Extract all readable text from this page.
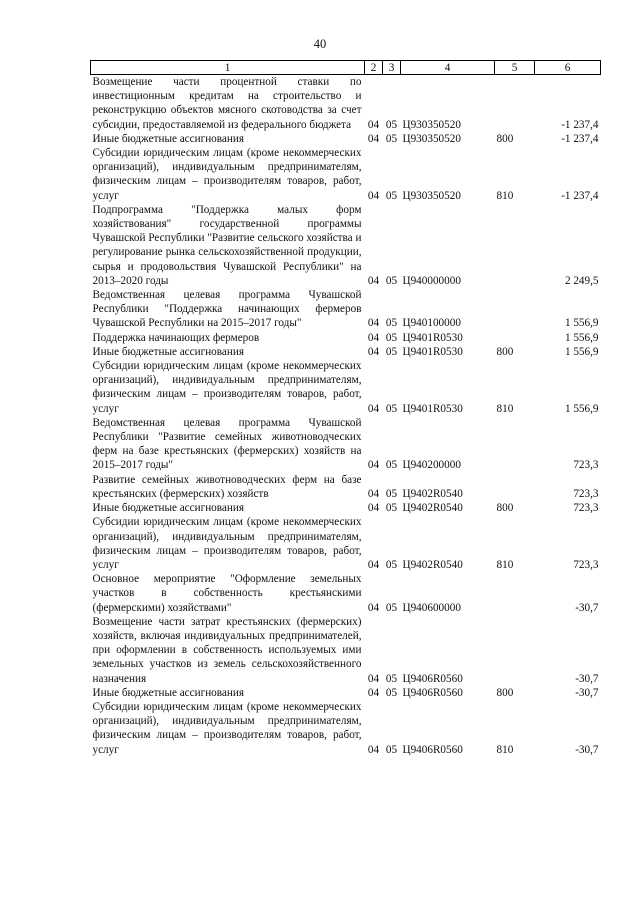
40
1	2	3	4	5	6
Возмещение части процентной ставки по инвестиционным кредитам на строительство и реконструкцию объектов мясного скотоводства за счет субсидии, предоставляемой из федерального бюджета	04	05	Ц930350520		-1 237,4
Иные бюджетные ассигнования	04	05	Ц930350520	800	-1 237,4
Субсидии юридическим лицам (кроме некоммерческих организаций), индивидуальным предпринимателям, физическим лицам – производителям товаров, работ, услуг	04	05	Ц930350520	810	-1 237,4
Подпрограмма "Поддержка малых форм хозяйствования" государственной программы Чувашской Республики "Развитие сельского хозяйства и регулирование рынка сельскохозяйственной продукции, сырья и продовольствия Чувашской Республики" на 2013–2020 годы	04	05	Ц940000000		2 249,5
Ведомственная целевая программа Чувашской Республики "Поддержка начинающих фермеров Чувашской Республики на 2015–2017 годы"	04	05	Ц940100000		1 556,9
Поддержка начинающих фермеров	04	05	Ц9401R0530		1 556,9
Иные бюджетные ассигнования	04	05	Ц9401R0530	800	1 556,9
Субсидии юридическим лицам (кроме некоммерческих организаций), индивидуальным предпринимателям, физическим лицам – производителям товаров, работ, услуг	04	05	Ц9401R0530	810	1 556,9
Ведомственная целевая программа Чувашской Республики "Развитие семейных животноводческих ферм на базе крестьянских (фермерских) хозяйств на 2015–2017 годы"	04	05	Ц940200000		723,3
Развитие семейных животноводческих ферм на базе крестьянских (фермерских) хозяйств	04	05	Ц9402R0540		723,3
Иные бюджетные ассигнования	04	05	Ц9402R0540	800	723,3
Субсидии юридическим лицам (кроме некоммерческих организаций), индивидуальным предпринимателям, физическим лицам – производителям товаров, работ, услуг	04	05	Ц9402R0540	810	723,3
Основное мероприятие "Оформление земельных участков в собственность крестьянскими (фермерскими) хозяйствами"	04	05	Ц940600000		-30,7
Возмещение части затрат крестьянских (фермерских) хозяйств, включая индивидуальных предпринимателей, при оформлении в собственность используемых ими земельных участков из земель сельскохозяйственного назначения	04	05	Ц9406R0560		-30,7
Иные бюджетные ассигнования	04	05	Ц9406R0560	800	-30,7
Субсидии юридическим лицам (кроме некоммерческих организаций), индивидуальным предпринимателям, физическим лицам – производителям товаров, работ, услуг	04	05	Ц9406R0560	810	-30,7
